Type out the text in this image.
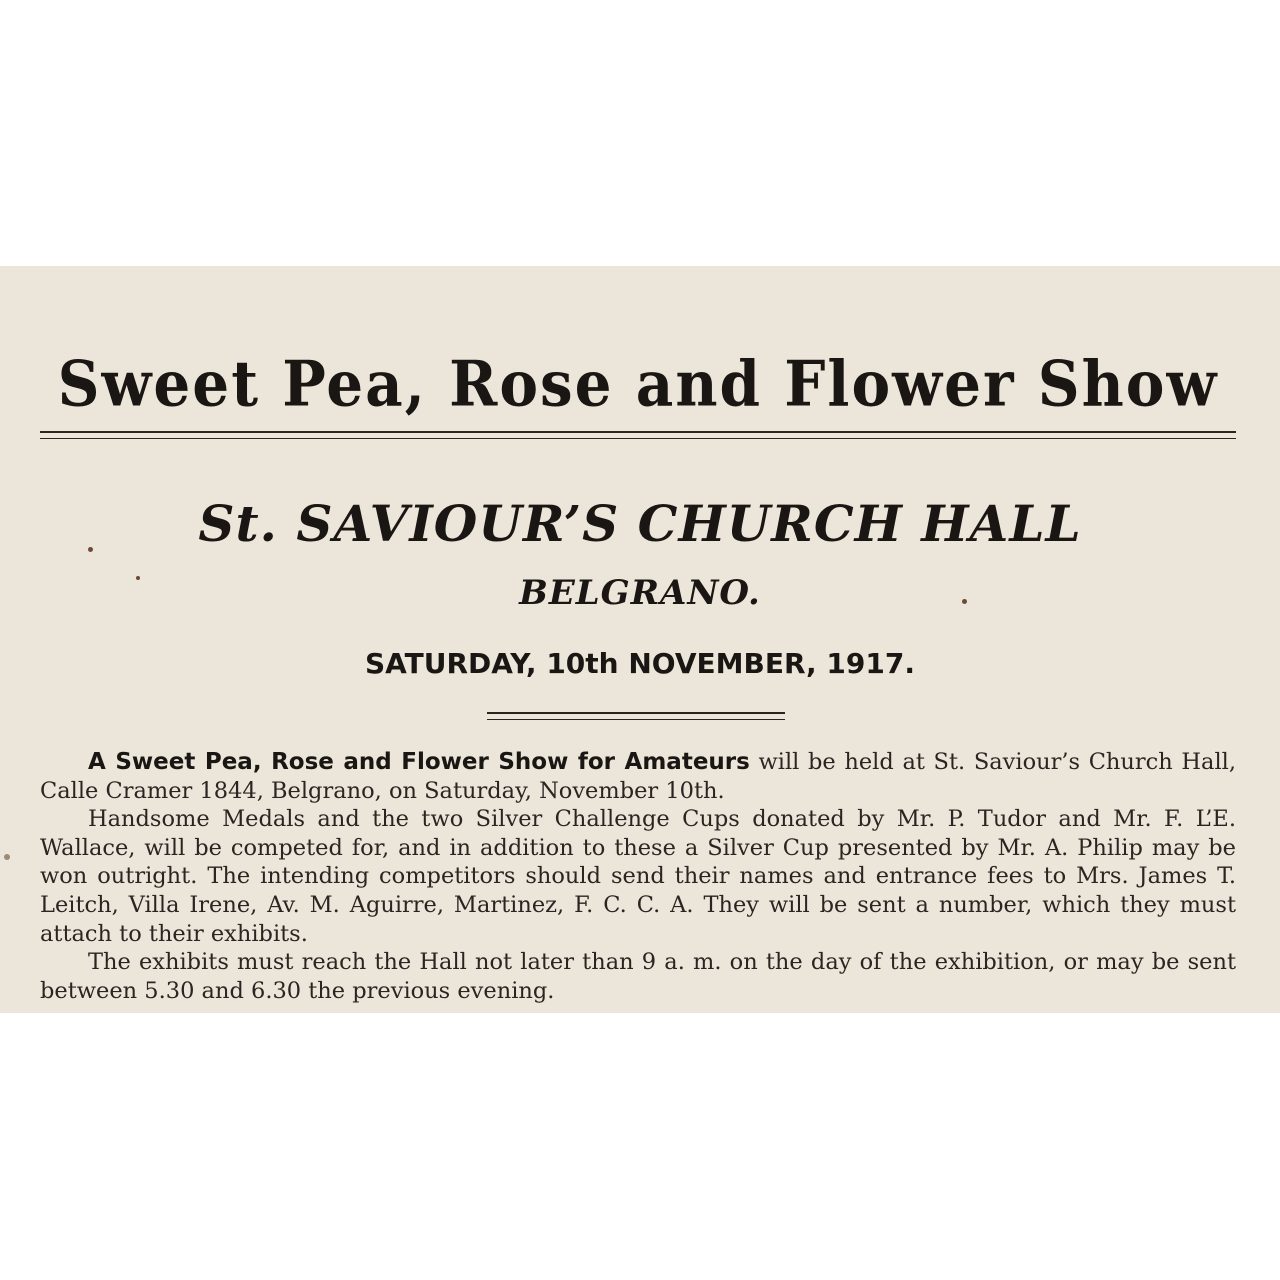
Sweet Pea, Rose and Flower Show
St. SAVIOUR’S CHURCH HALL
BELGRANO.
SATURDAY, 10th NOVEMBER, 1917.

A Sweet Pea, Rose and Flower Show for Amateurs will be held at St. Saviour’s Church Hall, Calle Cramer 1844, Belgrano, on Saturday, November 10th.

Handsome Medals and the two Silver Challenge Cups donated by Mr. P. Tudor and Mr. F. L’E. Wallace, will be competed for, and in addition to these a Silver Cup presented by Mr. A. Philip may be won outright. The intending competitors should send their names and entrance fees to Mrs. James T. Leitch, Villa Irene, Av. M. Aguirre, Martinez, F. C. C. A. They will be sent a number, which they must attach to their exhibits.

The exhibits must reach the Hall not later than 9 a. m. on the day of the exhibition, or may be sent between 5.30 and 6.30 the previous evening.
